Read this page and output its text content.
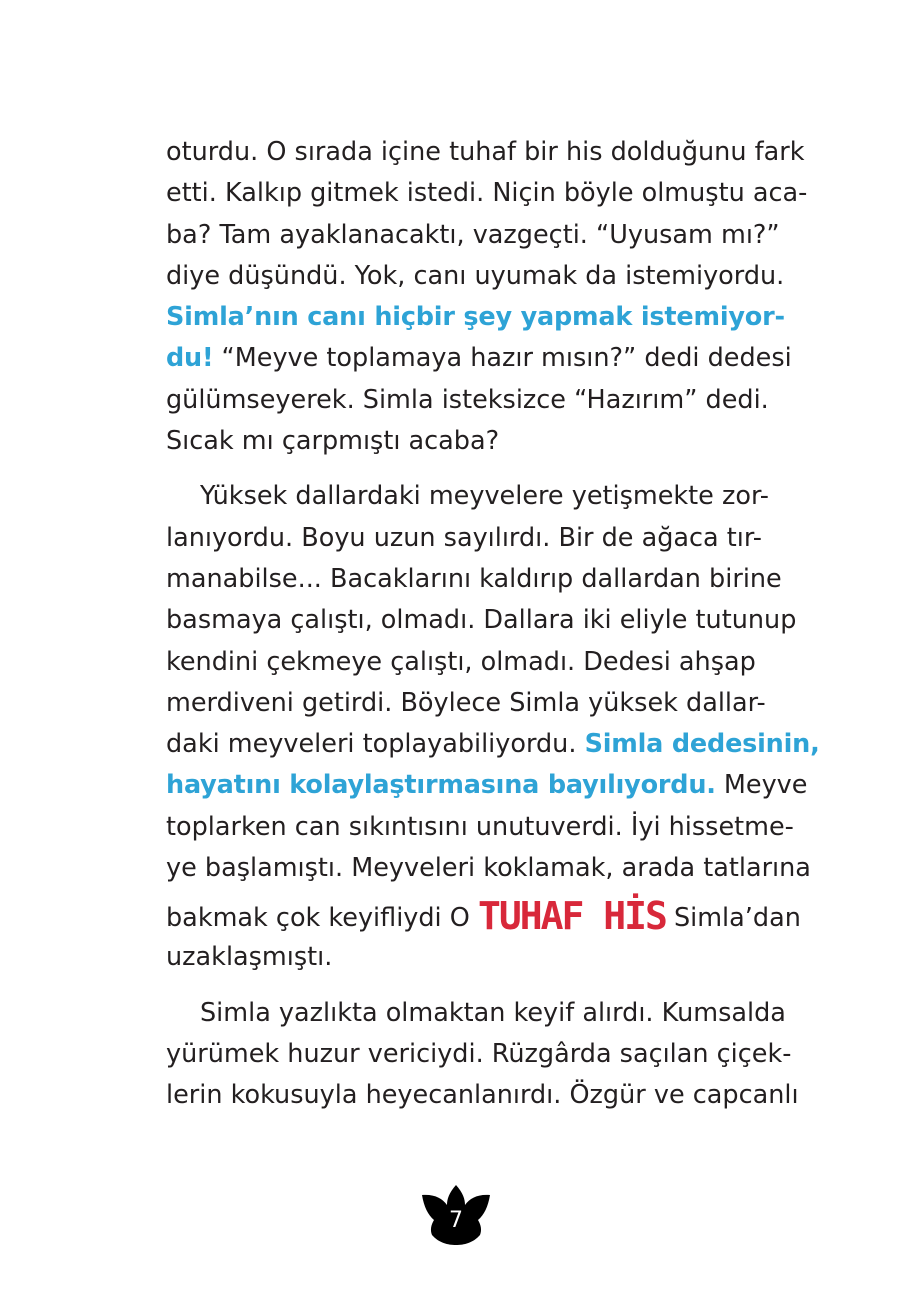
oturdu. O sırada içine tuhaf bir his dolduğunu fark
etti. Kalkıp gitmek istedi. Niçin böyle olmuştu aca-
ba? Tam ayaklanacaktı, vazgeçti. “Uyusam mı?”
diye düşündü. Yok, canı uyumak da istemiyordu.
Simla’nın canı hiçbir şey yapmak istemiyor-
du! “Meyve toplamaya hazır mısın?” dedi dedesi
gülümseyerek. Simla isteksizce “Hazırım” dedi.
Sıcak mı çarpmıştı acaba?
Yüksek dallardaki meyvelere yetişmekte zor-
lanıyordu. Boyu uzun sayılırdı. Bir de ağaca tır-
manabilse... Bacaklarını kaldırıp dallardan birine
basmaya çalıştı, olmadı. Dallara iki eliyle tutunup
kendini çekmeye çalıştı, olmadı. Dedesi ahşap
merdiveni getirdi. Böylece Simla yüksek dallar-
daki meyveleri toplayabiliyordu. Simla dedesinin,
hayatını kolaylaştırmasına bayılıyordu. Meyve
toplarken can sıkıntısını unutuverdi. İyi hissetme-
ye başlamıştı. Meyveleri koklamak, arada tatlarına
bakmak çok keyifliydi O TUHAF HİS Simla’dan
uzaklaşmıştı.
Simla yazlıkta olmaktan keyif alırdı. Kumsalda
yürümek huzur vericiydi. Rüzgârda saçılan çiçek-
lerin kokusuyla heyecanlanırdı. Özgür ve capcanlı
7
